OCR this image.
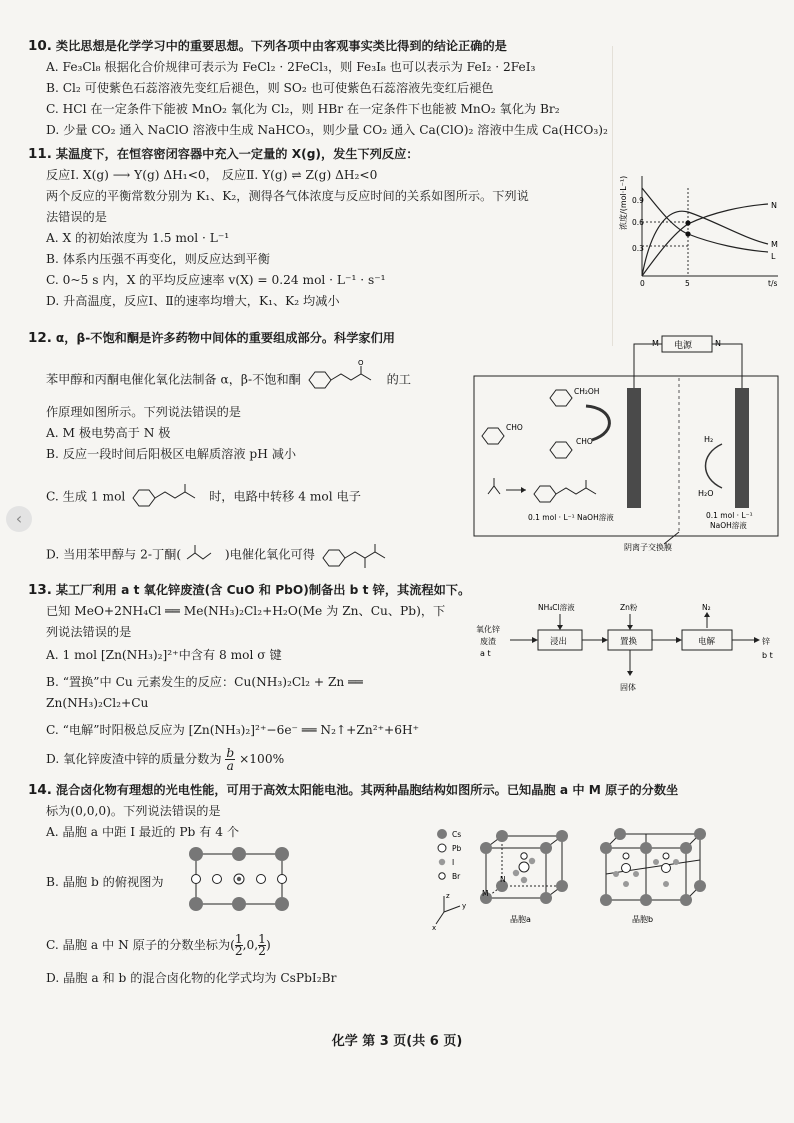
10. 类比思想是化学学习中的重要思想。下列各项中由客观事实类比得到的结论正确的是
A. Fe₃Cl₈ 根据化合价规律可表示为 FeCl₂ · 2FeCl₃，则 Fe₃I₈ 也可以表示为 FeI₂ · 2FeI₃
B. Cl₂ 可使紫色石蕊溶液先变红后褪色，则 SO₂ 也可使紫色石蕊溶液先变红后褪色
C. HCl 在一定条件下能被 MnO₂ 氧化为 Cl₂，则 HBr 在一定条件下也能被 MnO₂ 氧化为 Br₂
D. 少量 CO₂ 通入 NaClO 溶液中生成 NaHCO₃，则少量 CO₂ 通入 Ca(ClO)₂ 溶液中生成 Ca(HCO₃)₂
11. 某温度下，在恒容密闭容器中充入一定量的 X(g)，发生下列反应：
反应Ⅰ. X(g) ⟶ Y(g) ΔH₁<0， 反应Ⅱ. Y(g) ⇌ Z(g) ΔH₂<0
两个反应的平衡常数分别为 K₁、K₂，测得各气体浓度与反应时间的关系如图所示。下列说
法错误的是
A. X 的初始浓度为 1.5 mol · L⁻¹
B. 体系内压强不再变化，则反应达到平衡
C. 0~5 s 内，X 的平均反应速率 v(X) = 0.24 mol · L⁻¹ · s⁻¹
D. 升高温度，反应Ⅰ、Ⅱ的速率均增大，K₁、K₂ 均减小
浓度/(mol·L⁻¹) 0.9
0.6
0.3
0	5	t/s
N
M
L
12. α，β-不饱和酮是许多药物中间体的重要组成部分。科学家们用
苯甲醇和丙酮电催化氧化法制备 α，β-不饱和酮
O
的工
作原理如图所示。下列说法错误的是
A. M 极电势高于 N 极
B. 反应一段时间后阳极区电解质溶液 pH 减小
C. 生成 1 mol	时，电路中转移 4 mol 电子
D. 当用苯甲醇与 2-丁酮(	)电催化氧化可得
电源
M	N
CH₂OH
CHO
CHO
0.1 mol · L⁻¹ NaOH溶液
H₂
H₂O
0.1 mol · L⁻¹
NaOH溶液
阴离子交换膜
13. 某工厂利用 a t 氧化锌废渣(含 CuO 和 PbO)制备出 b t 锌，其流程如下。
已知 MeO+2NH₄Cl ══ Me(NH₃)₂Cl₂+H₂O(Me 为 Zn、Cu、Pb)，下
列说法错误的是
A. 1 mol [Zn(NH₃)₂]²⁺中含有 8 mol σ 键
B. “置换”中 Cu 元素发生的反应：Cu(NH₃)₂Cl₂ + Zn ══
Zn(NH₃)₂Cl₂+Cu
C. “电解”时阳极总反应为 [Zn(NH₃)₂]²⁺−6e⁻ ══ N₂↑+Zn²⁺+6H⁺
D. 氧化锌废渣中锌的质量分数为 $\frac{b}{a} \times 100\%$
氧化锌
废渣
a t
浸出
NH₄Cl溶液
置换
Zn粉
固体
电解
N₂
锌
b t
14. 混合卤化物有理想的光电性能，可用于高效太阳能电池。其两种晶胞结构如图所示。已知晶胞 a 中 M 原子的分数坐
标为(0,0,0)。下列说法错误的是
A. 晶胞 a 中距 I 最近的 Pb 有 4 个
B. 晶胞 b 的俯视图为
C. 晶胞 a 中 N 原子的分数坐标为( $\frac{1}{2} ,0$, $\frac{1}{2}$ )
D. 晶胞 a 和 b 的混合卤化物的化学式均为 CsPbI₂Br
Cs
Pb
I
Br
z
y
x
N
M
晶胞a	晶胞b
化学 第 3 页(共 6 页)
‹
